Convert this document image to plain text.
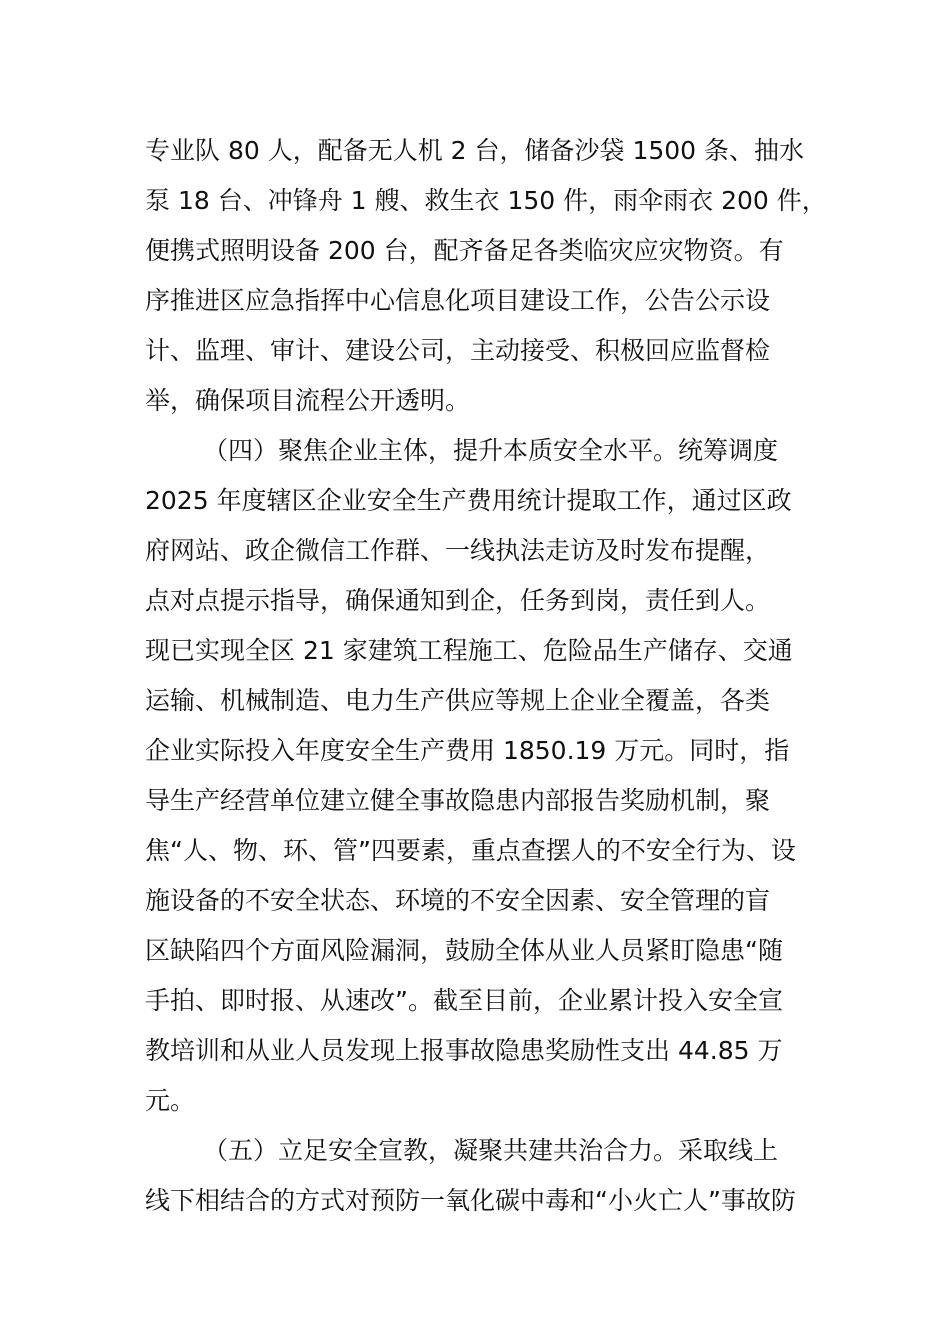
专业队 80 人，配备无人机 2 台，储备沙袋 1500 条、抽水
泵 18 台、冲锋舟 1 艘、救生衣 150 件，雨伞雨衣 200 件，
便携式照明设备 200 台，配齐备足各类临灾应灾物资。有
序推进区应急指挥中心信息化项目建设工作，公告公示设
计、监理、审计、建设公司，主动接受、积极回应监督检
举，确保项目流程公开透明。
（四）聚焦企业主体，提升本质安全水平。统筹调度
2025 年度辖区企业安全生产费用统计提取工作，通过区政
府网站、政企微信工作群、一线执法走访及时发布提醒，
点对点提示指导，确保通知到企，任务到岗，责任到人。
现已实现全区 21 家建筑工程施工、危险品生产储存、交通
运输、机械制造、电力生产供应等规上企业全覆盖，各类
企业实际投入年度安全生产费用 1850.19 万元。同时，指
导生产经营单位建立健全事故隐患内部报告奖励机制，聚
焦“人、物、环、管”四要素，重点查摆人的不安全行为、设
施设备的不安全状态、环境的不安全因素、安全管理的盲
区缺陷四个方面风险漏洞，鼓励全体从业人员紧盯隐患“随
手拍、即时报、从速改”。截至目前，企业累计投入安全宣
教培训和从业人员发现上报事故隐患奖励性支出 44.85 万
元。
（五）立足安全宣教，凝聚共建共治合力。采取线上
线下相结合的方式对预防一氧化碳中毒和“小火亡人”事故防
